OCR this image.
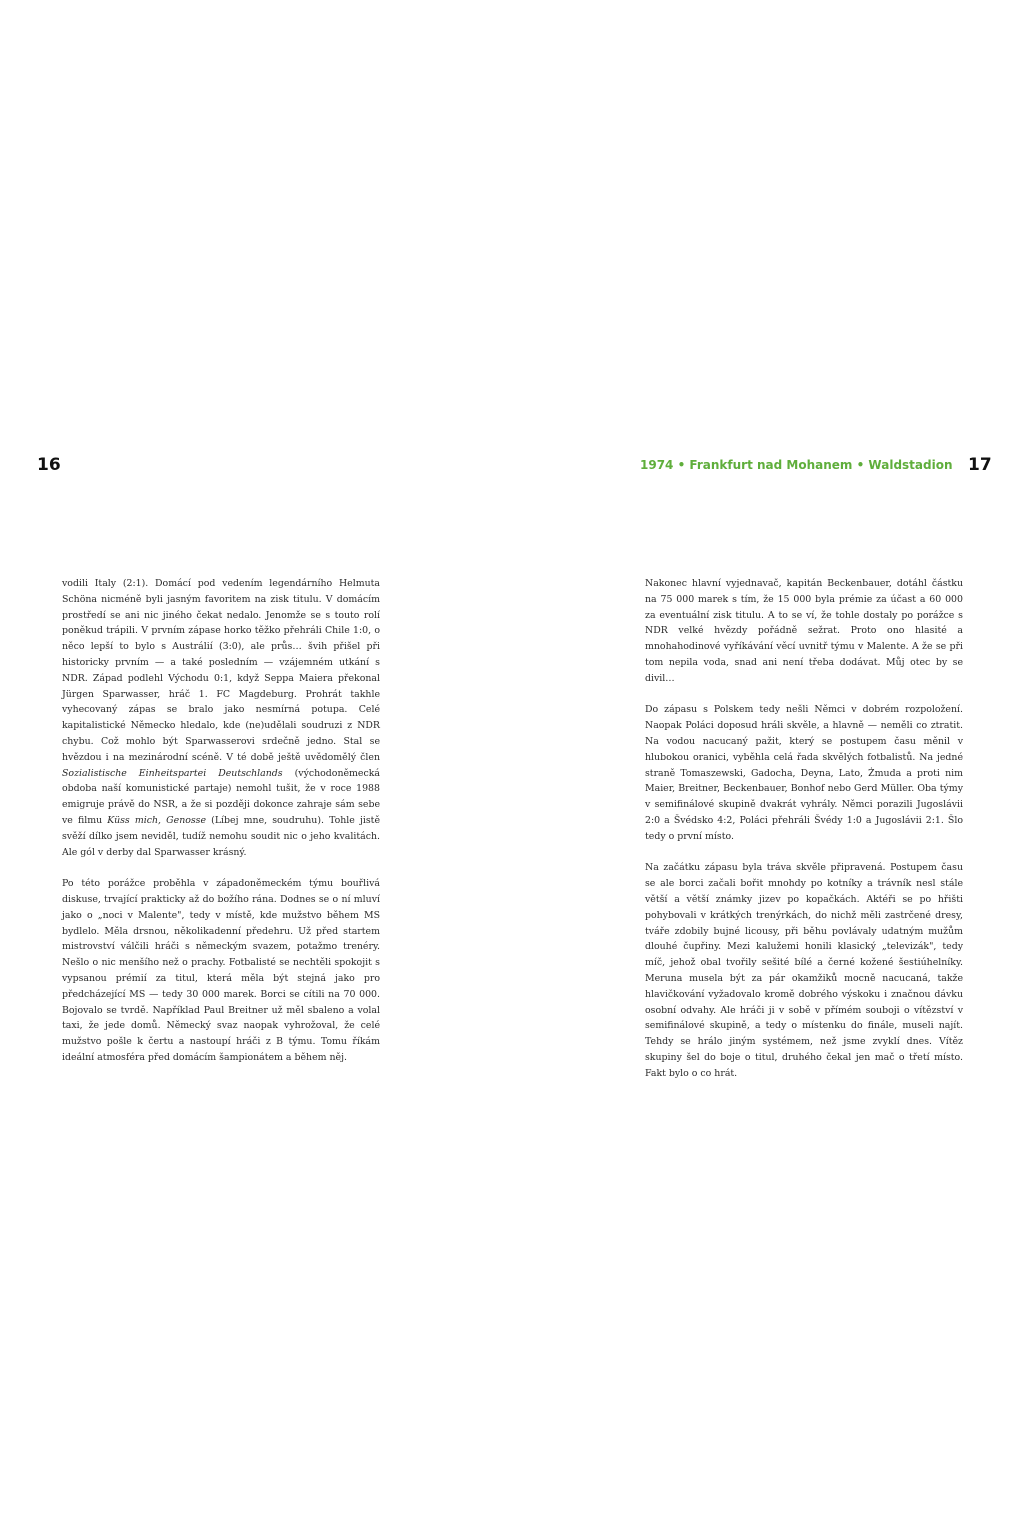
16	1974 • Frankfurt nad Mohanem • Waldstadion 17

vodili Italy (2:1). Domácí pod vedením legendárního Helmuta Schöna nicméně byli jasným favoritem na zisk titulu. V domácím prostředí se ani nic jiného čekat nedalo. Jenomže se s touto rolí poněkud trápili. V prvním zápase horko těžko přehráli Chile 1:0, o něco lepší to bylo s Austrálií (3:0), ale průs… švih přišel při historicky prvním — a také posledním — vzájemném utkání s NDR. Západ podlehl Východu 0:1, když Seppa Maiera překonal Jürgen Sparwasser, hráč 1. FC Magdeburg. Prohrát takhle vyhecovaný zápas se bralo jako nesmírná potupa. Celé kapitalistické Německo hledalo, kde (ne)udělali soudruzi z NDR chybu. Což mohlo být Sparwasserovi srdečně jedno. Stal se hvězdou i na mezinárodní scéně. V té době ještě uvědomělý člen Sozialistische Einheitspartei Deutschlands (východoněmecká obdoba naší komunistické partaje) nemohl tušit, že v roce 1988 emigruje právě do NSR, a že si později dokonce zahraje sám sebe ve filmu Küss mich, Genosse (Líbej mne, soudruhu). Tohle jistě svěží dílko jsem neviděl, tudíž nemohu soudit nic o jeho kvalitách. Ale gól v derby dal Sparwasser krásný.

Po této porážce proběhla v západoněmeckém týmu bouřlivá diskuse, trvající prakticky až do božího rána. Dodnes se o ní mluví jako o „noci v Malente", tedy v místě, kde mužstvo během MS bydlelo. Měla drsnou, několikadenní předehru. Už před startem mistrovství válčili hráči s německým svazem, potažmo trenéry. Nešlo o nic menšího než o prachy. Fotbalisté se nechtěli spokojit s vypsanou prémií za titul, která měla být stejná jako pro předcházející MS — tedy 30 000 marek. Borci se cítili na 70 000. Bojovalo se tvrdě. Například Paul Breitner už měl sbaleno a volal taxi, že jede domů. Německý svaz naopak vyhrožoval, že celé mužstvo pošle k čertu a nastoupí hráči z B týmu. Tomu říkám ideální atmosféra před domácím šampionátem a během něj.

Nakonec hlavní vyjednavač, kapitán Beckenbauer, dotáhl částku na 75 000 marek s tím, že 15 000 byla prémie za účast a 60 000 za eventuální zisk titulu. A to se ví, že tohle dostaly po porážce s NDR velké hvězdy pořádně sežrat. Proto ono hlasité a mnohahodinové vyříkávání věcí uvnitř týmu v Malente. A že se při tom nepila voda, snad ani není třeba dodávat. Můj otec by se divil…

Do zápasu s Polskem tedy nešli Němci v dobrém rozpoložení. Naopak Poláci doposud hráli skvěle, a hlavně — neměli co ztratit. Na vodou nacucaný pažit, který se postupem času měnil v hlubokou oranici, vyběhla celá řada skvělých fotbalistů. Na jedné straně Tomaszewski, Gadocha, Deyna, Lato, Żmuda a proti nim Maier, Breitner, Beckenbauer, Bonhof nebo Gerd Müller. Oba týmy v semifinálové skupině dvakrát vyhrály. Němci porazili Jugoslávii 2:0 a Švédsko 4:2, Poláci přehráli Švédy 1:0 a Jugoslávii 2:1. Šlo tedy o první místo.

Na začátku zápasu byla tráva skvěle připravená. Postupem času se ale borci začali bořit mnohdy po kotníky a trávník nesl stále větší a větší známky jizev po kopačkách. Aktéři se po hřišti pohybovali v krátkých trenýrkách, do nichž měli zastrčené dresy, tváře zdobily bujné licousy, při běhu povlávaly udatným mužům dlouhé čupřiny. Mezi kalužemi honili klasický „televizák", tedy míč, jehož obal tvořily sešité bílé a černé kožené šestiúhelníky. Meruna musela být za pár okamžiků mocně nacucaná, takže hlavičkování vyžadovalo kromě dobrého výskoku i značnou dávku osobní odvahy. Ale hráči ji v sobě v přímém souboji o vítězství v semifinálové skupině, a tedy o místenku do finále, museli najít. Tehdy se hrálo jiným systémem, než jsme zvyklí dnes. Vítěz skupiny šel do boje o titul, druhého čekal jen mač o třetí místo. Fakt bylo o co hrát.
